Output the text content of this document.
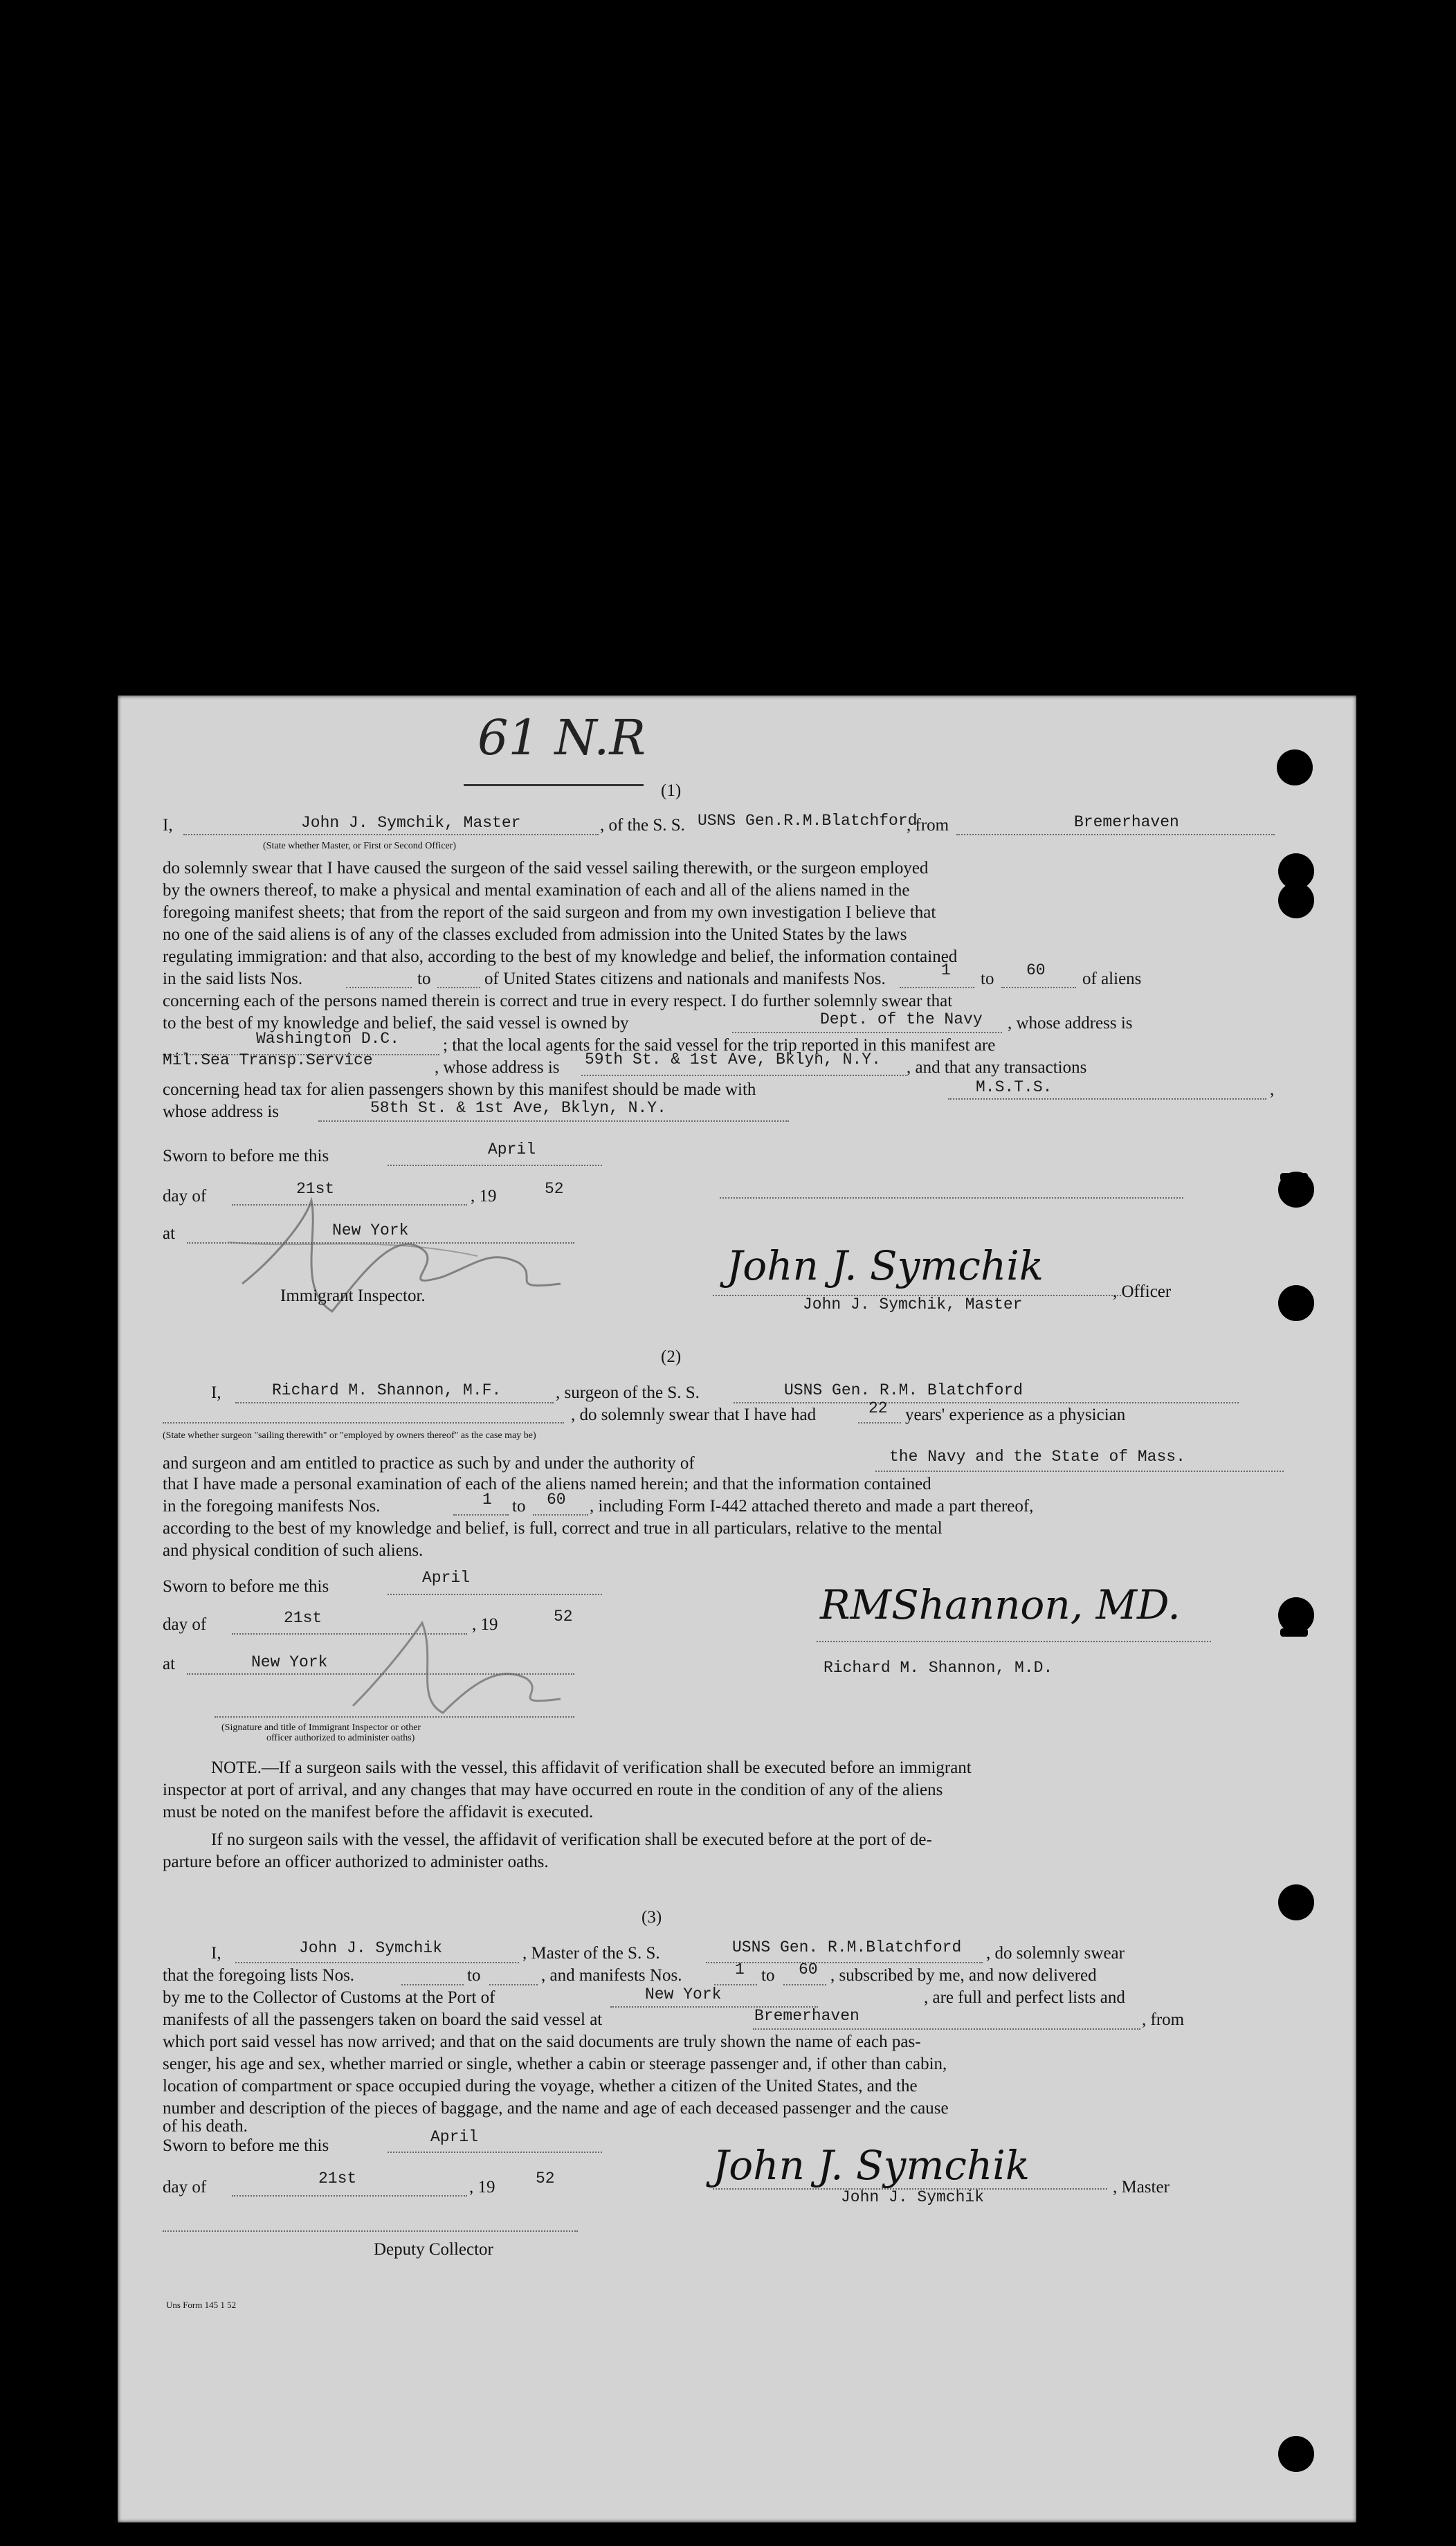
61 N.R
(1)
I,	John J. Symchik, Master	, of the S. S. USNS Gen.R.M.Blatchford
, from	Bremerhaven
(State whether Master, or First or Second Officer)
do solemnly swear that I have caused the surgeon of the said vessel sailing therewith, or the surgeon employed
by the owners thereof, to make a physical and mental examination of each and all of the aliens named in the
foregoing manifest sheets; that from the report of the said surgeon and from my own investigation I believe that
no one of the said aliens is of any of the classes excluded from admission into the United States by the laws
regulating immigration: and that also, according to the best of my knowledge and belief, the information contained
in the said lists Nos.	to	of United States citizens and nationals and manifests Nos.	1 to 60 of aliens
concerning each of the persons named therein is correct and true in every respect. I do further solemnly swear that
to the best of my knowledge and belief, the said vessel is owned by	Dept. of the Navy , whose address is
Washington D.C.	; that the local agents for the said vessel for the trip reported in this manifest are
Mil.Sea Transp.Service	, whose address is 59th St. & 1st Ave, Bklyn, N.Y. , and that any transactions
concerning head tax for alien passengers shown by this manifest should be made with	M.S.T.S.	,
whose address is	58th St. & 1st Ave, Bklyn, N.Y.
Sworn to before me this	April
day of	21st	, 19	52
at	New York
Immigrant Inspector.
John J. Symchik
John J. Symchik, Master
, Officer
(2)
I,	Richard M. Shannon, M.F.	, surgeon of the S. S.	USNS Gen. R.M. Blatchford
, do solemnly swear that I have had	22 years' experience as a physician
(State whether surgeon "sailing therewith" or "employed by owners thereof" as the case may be)
and surgeon and am entitled to practice as such by and under the authority of	the Navy and the State of Mass.
that I have made a personal examination of each of the aliens named herein; and that the information contained
in the foregoing manifests Nos.	1 to 60 , including Form I-442 attached thereto and made a part thereof,
according to the best of my knowledge and belief, is full, correct and true in all particulars, relative to the mental
and physical condition of such aliens.
Sworn to before me this	April
day of	21st	, 19	52
at	New York
(Signature and title of Immigrant Inspector or other
officer authorized to administer oaths)
RMShannon, MD.
Richard M. Shannon, M.D.
NOTE.—If a surgeon sails with the vessel, this affidavit of verification shall be executed before an immigrant
inspector at port of arrival, and any changes that may have occurred en route in the condition of any of the aliens
must be noted on the manifest before the affidavit is executed.
If no surgeon sails with the vessel, the affidavit of verification shall be executed before at the port of de-
parture before an officer authorized to administer oaths.
(3)
I,	John J. Symchik	, Master of the S. S.	USNS Gen. R.M.Blatchford , do solemnly swear
that the foregoing lists Nos.	to	, and manifests Nos.	1 to 60 , subscribed by me, and now delivered
by me to the Collector of Customs at the Port of	New York	, are full and perfect lists and
manifests of all the passengers taken on board the said vessel at	Bremerhaven	, from
which port said vessel has now arrived; and that on the said documents are truly shown the name of each pas-
senger, his age and sex, whether married or single, whether a cabin or steerage passenger and, if other than cabin,
location of compartment or space occupied during the voyage, whether a citizen of the United States, and the
number and description of the pieces of baggage, and the name and age of each deceased passenger and the cause
of his death.
Sworn to before me this	April
day of	21st	, 19	52	John J. Symchik
John J. Symchik
, Master
Deputy Collector
Uns Form 145 1 52
